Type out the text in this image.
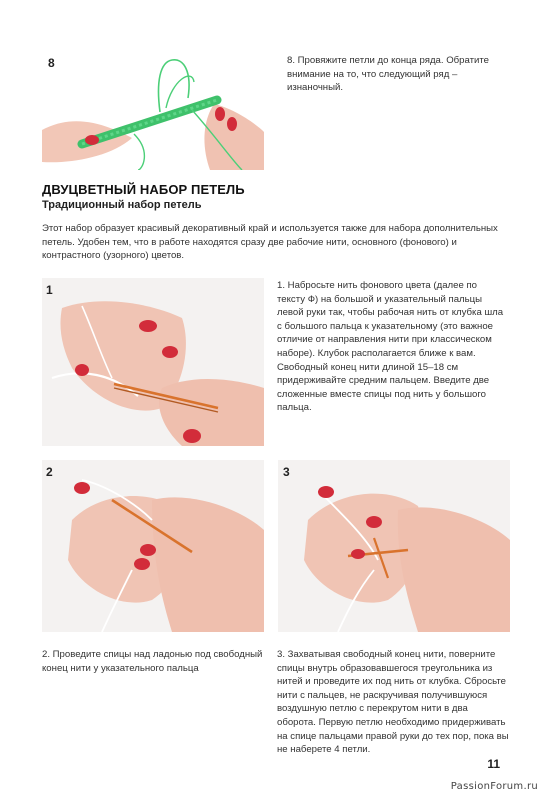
8	8. Провяжите петли до конца ряда. Обратите внимание на то, что следующий ряд – изнаночный.
ДВУЦВЕТНЫЙ НАБОР ПЕТЕЛЬ
Традиционный набор петель
Этот набор образует красивый декоративный край и используется также для набора дополнительных петель. Удобен тем, что в работе находятся сразу две рабочие нити, основного (фонового) и контрастного (узорного) цветов.
1	1. Набросьте нить фонового цвета (далее по тексту Ф) на большой и указательный пальцы левой руки так, чтобы рабочая нить от клубка шла с большого пальца к указательному (это важное отличие от направления нити при классическом наборе). Клубок располагается ближе к вам. Свободный конец нити длиной 15–18 см придерживайте средним пальцем. Введите две сложенные вместе спицы под нить у большого пальца.
2
2. Проведите спицы над ладонью под свободный конец нити у указательного пальца
3
3. Захватывая свободный конец нити, поверните спицы внутрь образовавшегося треугольника из нитей и проведите их под нить от клубка. Сбросьте нити с пальцев, не раскручивая получившуюся воздушную петлю с перекрутом нити в два оборота. Первую петлю необходимо придерживать на спице пальцами правой руки до тех пор, пока вы не наберете 4 петли.
11
PassionForum.ru
